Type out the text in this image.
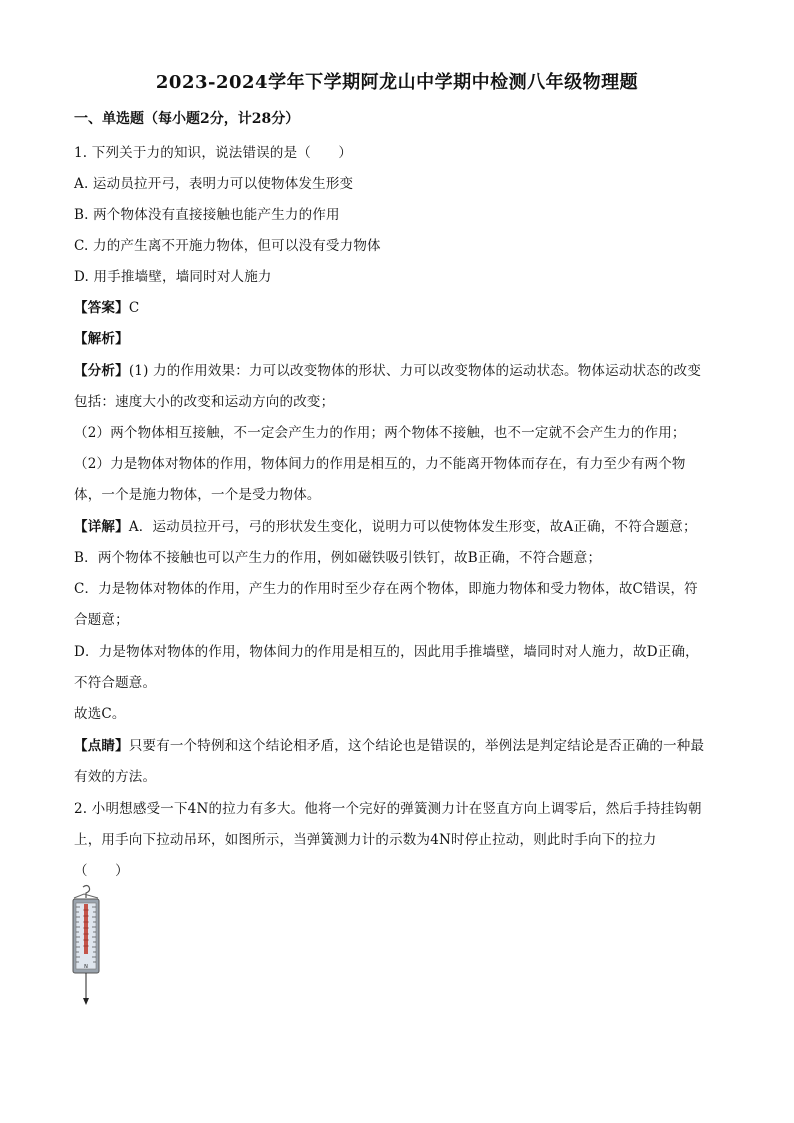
2023-2024学年下学期阿龙山中学期中检测八年级物理题
一、单选题（每小题2分，计28分）
1. 下列关于力的知识，说法错误的是（　　）
A. 运动员拉开弓，表明力可以使物体发生形变
B. 两个物体没有直接接触也能产生力的作用
C. 力的产生离不开施力物体，但可以没有受力物体
D. 用手推墙壁，墙同时对人施力
【答案】C
【解析】
【分析】(1) 力的作用效果：力可以改变物体的形状、力可以改变物体的运动状态。物体运动状态的改变
包括：速度大小的改变和运动方向的改变；
（2）两个物体相互接触，不一定会产生力的作用；两个物体不接触，也不一定就不会产生力的作用；
（2）力是物体对物体的作用，物体间力的作用是相互的，力不能离开物体而存在，有力至少有两个物
体，一个是施力物体，一个是受力物体。
【详解】A．运动员拉开弓，弓的形状发生变化，说明力可以使物体发生形变，故A正确，不符合题意；
B．两个物体不接触也可以产生力的作用，例如磁铁吸引铁钉，故B正确，不符合题意；
C．力是物体对物体的作用，产生力的作用时至少存在两个物体，即施力物体和受力物体，故C错误，符
合题意；
D．力是物体对物体的作用，物体间力的作用是相互的，因此用手推墙壁，墙同时对人施力，故D正确，
不符合题意。
故选C。
【点睛】只要有一个特例和这个结论相矛盾，这个结论也是错误的，举例法是判定结论是否正确的一种最
有效的方法。
2. 小明想感受一下4N的拉力有多大。他将一个完好的弹簧测力计在竖直方向上调零后，然后手持挂钩朝
上，用手向下拉动吊环，如图所示，当弹簧测力计的示数为4N时停止拉动，则此时手向下的拉力
（　　）
N
